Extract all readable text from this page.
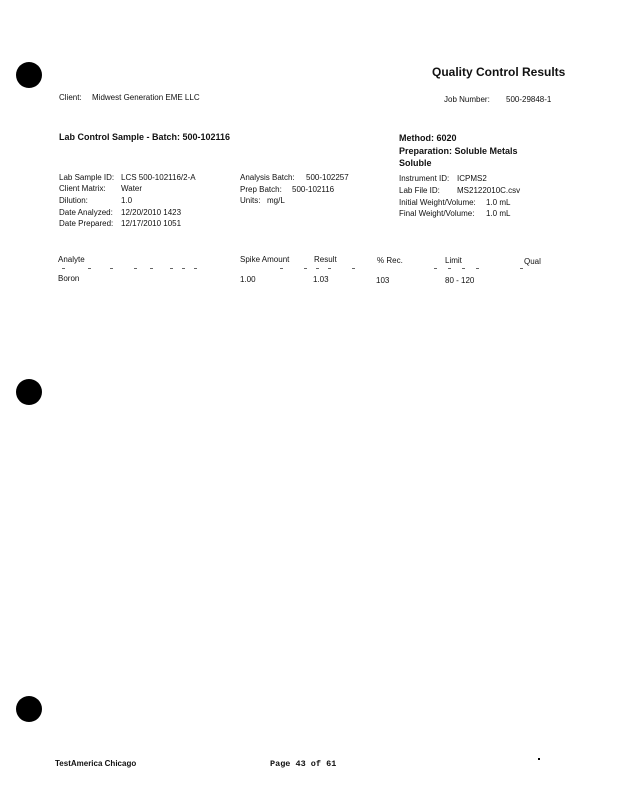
Quality Control Results
Client: Midwest Generation EME LLC	Job Number: 500-29848-1
Lab Control Sample - Batch: 500-102116	Method: 6020
Preparation: Soluble Metals
Soluble
Lab Sample ID: LCS 500-102116/2-A
Client Matrix: Water
Dilution:	1.0
Date Analyzed: 12/20/2010 1423
Date Prepared: 12/17/2010 1051
Analysis Batch: 500-102257
Prep Batch: 500-102116
Units: mg/L
Instrument ID: ICPMS2
Lab File ID: MS2122010C.csv
Initial Weight/Volume: 1.0 mL
Final Weight/Volume: 1.0 mL
Analyte	Spike Amount	Result	% Rec.	Limit	Qual
Boron	1.00	1.03	103	80 - 120
TestAmerica Chicago	Page 43 of 61
